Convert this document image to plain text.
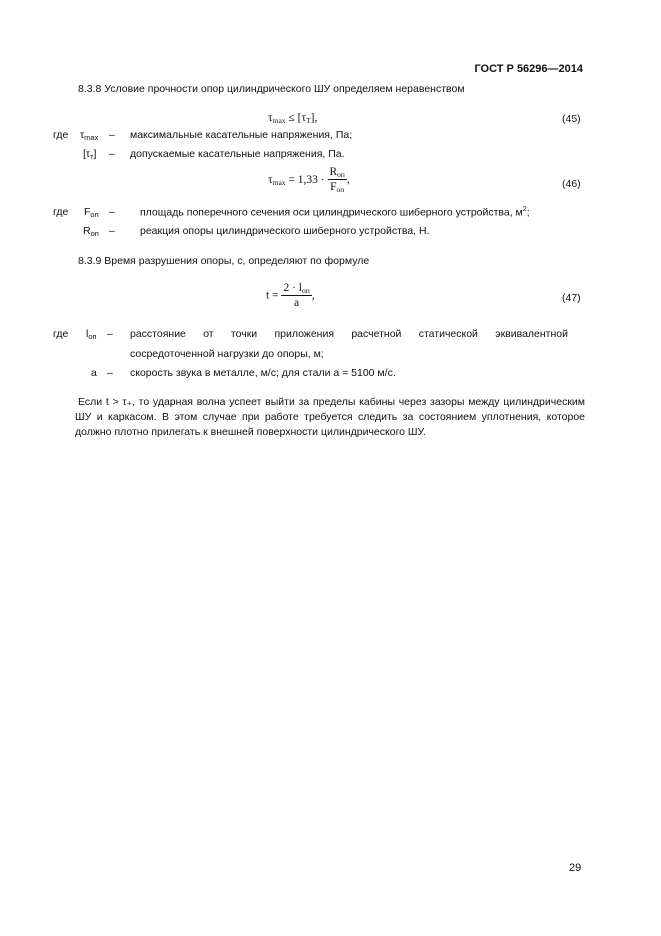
ГОСТ Р 56296—2014
8.3.8 Условие прочности опор цилиндрического ШУ определяем неравенством
τmax ≤ [τТ],	(45)
где τmax – максимальные касательные напряжения, Па;
[τт] – допускаемые касательные напряжения, Па.
$\tau\max = 1,33 \cdot \frac{\text{Rоп}}{\text{Fоп}}$ ,	(46)
где Fоп – площадь поперечного сечения оси цилиндрического шиберного устройства, $м^2$;
Rоп – реакция опоры цилиндрического шиберного устройства, Н.
8.3.9 Время разрушения опоры, с, определяют по формуле
$t = \frac{\text{2 · lоп}}{a}$ ,	(47)
где lоп – расстояние от точки приложения расчетной статической эквивалентной
сосредоточенной нагрузки до опоры, м;
a – скорость звука в металле, м/с; для стали a = 5100 м/с.
Если t > τ₊, то ударная волна успеет выйти за пределы кабины через зазоры между цилиндрическим ШУ и каркасом. В этом случае при работе требуется следить за состоянием уплотнения, которое должно плотно прилегать к внешней поверхности цилиндрического ШУ.
29
